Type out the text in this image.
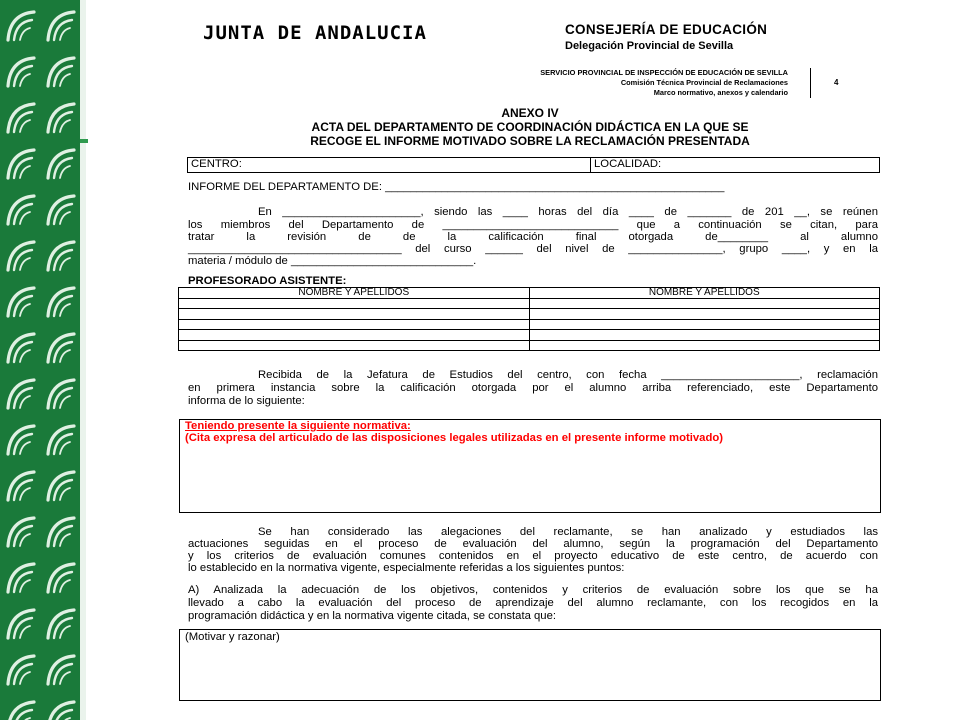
JUNTA DE ANDALUCIA	CONSEJERÍA DE EDUCACIÓN
Delegación Provincial de Sevilla
SERVICIO PROVINCIAL DE INSPECCIÓN DE EDUCACIÓN DE SEVILLA
Comisión Técnica Provincial de Reclamaciones
Marco normativo, anexos y calendario
4
ANEXO IV
ACTA DEL DEPARTAMENTO DE COORDINACIÓN DIDÁCTICA EN LA QUE SE
RECOGE EL INFORME MOTIVADO SOBRE LA RECLAMACIÓN PRESENTADA
CENTRO:	LOCALIDAD:
INFORME DEL DEPARTAMENTO DE: ______________________________________________________
En ______________________, siendo las ____ horas del día ____ de _______ de 201 __, se reúnen
los miembros del Departamento de ____________________________ que a continuación se citan, para
tratar la revisión de de la calificación final otorgada de________ al alumno
__________________________________ del curso ______ del nivel de _______________, grupo ____, y en la
materia / módulo de _____________________________.
PROFESORADO ASISTENTE:
NOMBRE Y APELLIDOS	NOMBRE Y APELLIDOS

Recibida de la Jefatura de Estudios del centro, con fecha ______________________, reclamación
en primera instancia sobre la calificación otorgada por el alumno arriba referenciado, este Departamento
informa de lo siguiente:
Teniendo presente la siguiente normativa:
(Cita expresa del articulado de las disposiciones legales utilizadas en el presente informe motivado)
Se han considerado las alegaciones del reclamante, se han analizado y estudiados las
actuaciones seguidas en el proceso de evaluación del alumno, según la programación del Departamento
y los criterios de evaluación comunes contenidos en el proyecto educativo de este centro, de acuerdo con
lo establecido en la normativa vigente, especialmente referidas a los siguientes puntos:
A) Analizada la adecuación de los objetivos, contenidos y criterios de evaluación sobre los que se ha
llevado a cabo la evaluación del proceso de aprendizaje del alumno reclamante, con los recogidos en la
programación didáctica y en la normativa vigente citada, se constata que:
(Motivar y razonar)
